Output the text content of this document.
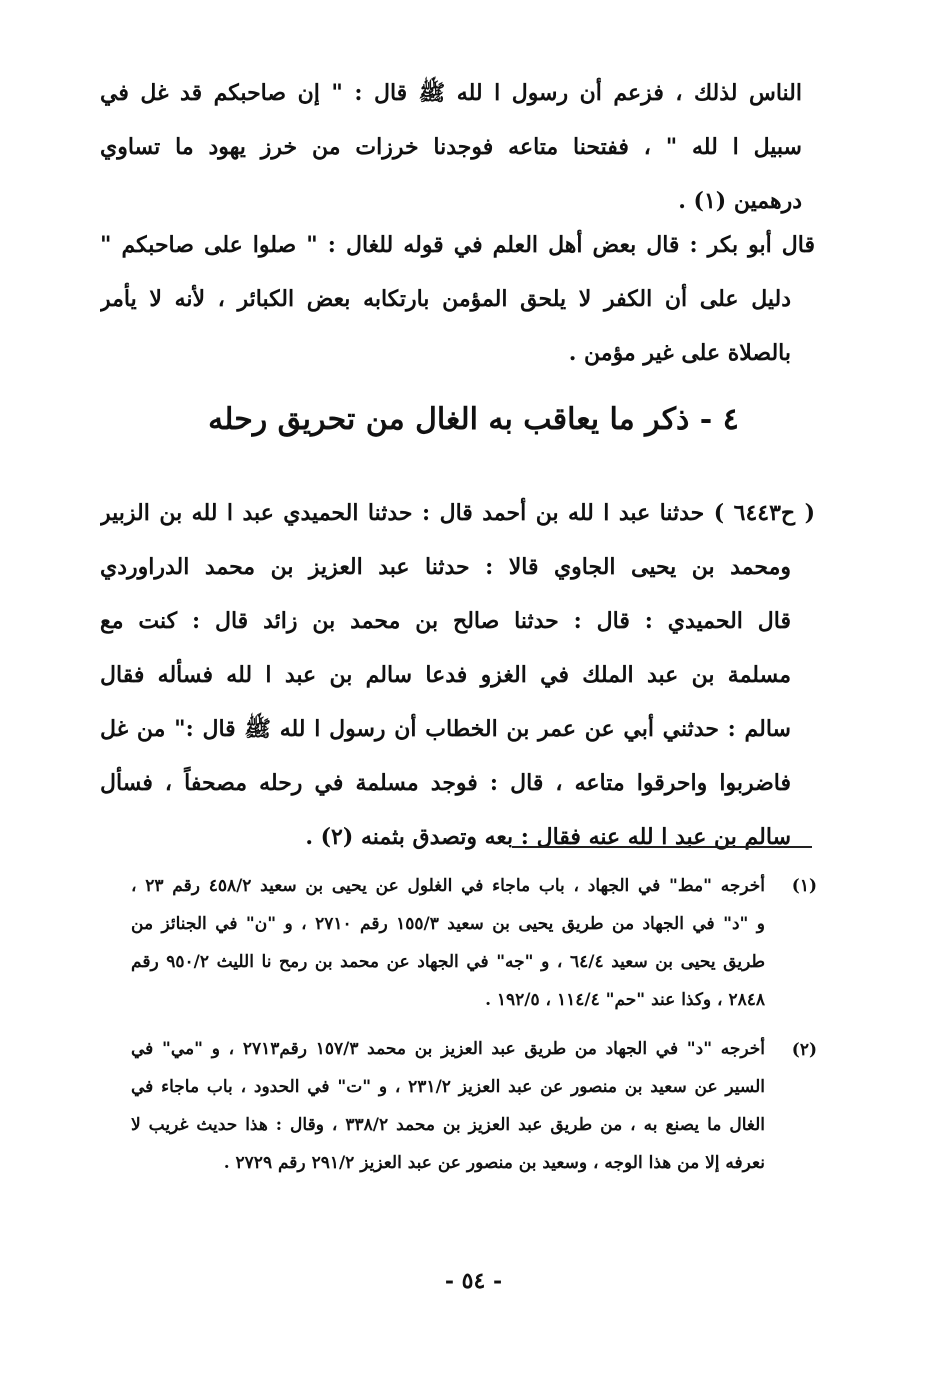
الناس لذلك ، فزعم أن رسول ا لله ﷺ قال : " إن صاحبكم قد غل في
سبيل ا لله " ، ففتحنا متاعه فوجدنا خرزات من خرز يهود ما تساوي
درهمين (١) .
قال أبو بكر : قال بعض أهل العلم في قوله للغال : " صلوا على صاحبكم "
دليل على أن الكفر لا يلحق المؤمن بارتكابه بعض الكبائر ، لأنه لا يأمر
بالصلاة على غير مؤمن .
٤ - ذكر ما يعاقب به الغال من تحريق رحله
( ح٦٤٤٣ ) حدثنا عبد ا لله بن أحمد قال : حدثنا الحميدي عبد ا لله بن الزبير
ومحمد بن يحيى الجاوي قالا : حدثنا عبد العزيز بن محمد الدراوردي
قال الحميدي : قال : حدثنا صالح بن محمد بن زائد قال : كنت مع
مسلمة بن عبد الملك في الغزو فدعا سالم بن عبد ا لله فسأله فقال
سالم : حدثني أبي عن عمر بن الخطاب أن رسول ا لله ﷺ قال :" من غل
فاضربوا واحرقوا متاعه ، قال : فوجد مسلمة في رحله مصحفاً ، فسأل
سالم بن عبد ا لله عنه فقال : بعه وتصدق بثمنه (٢) .
(١)
أخرجه "مط" في الجهاد ، باب ماجاء في الغلول عن يحيى بن سعيد ٤٥٨/٢ رقم ٢٣ ،
و "د" في الجهاد من طريق يحيى بن سعيد ١٥٥/٣ رقم ٢٧١٠ ، و "ن" في الجنائز من
طريق يحيى بن سعيد ٦٤/٤ ، و "جه" في الجهاد عن محمد بن رمح نا الليث ٩٥٠/٢ رقم
٢٨٤٨ ، وكذا عند "حم" ١١٤/٤ ، ١٩٢/٥ .
(٢)
أخرجه "د" في الجهاد من طريق عبد العزيز بن محمد ١٥٧/٣ رقم٢٧١٣ ، و "مي" في
السير عن سعيد بن منصور عن عبد العزيز ٢٣١/٢ ، و "ت" في الحدود ، باب ماجاء في
الغال ما يصنع به ، من طريق عبد العزيز بن محمد ٣٣٨/٢ ، وقال : هذا حديث غريب لا
نعرفه إلا من هذا الوجه ، وسعيد بن منصور عن عبد العزيز ٢٩١/٢ رقم ٢٧٢٩ .
- ٥٤ -
